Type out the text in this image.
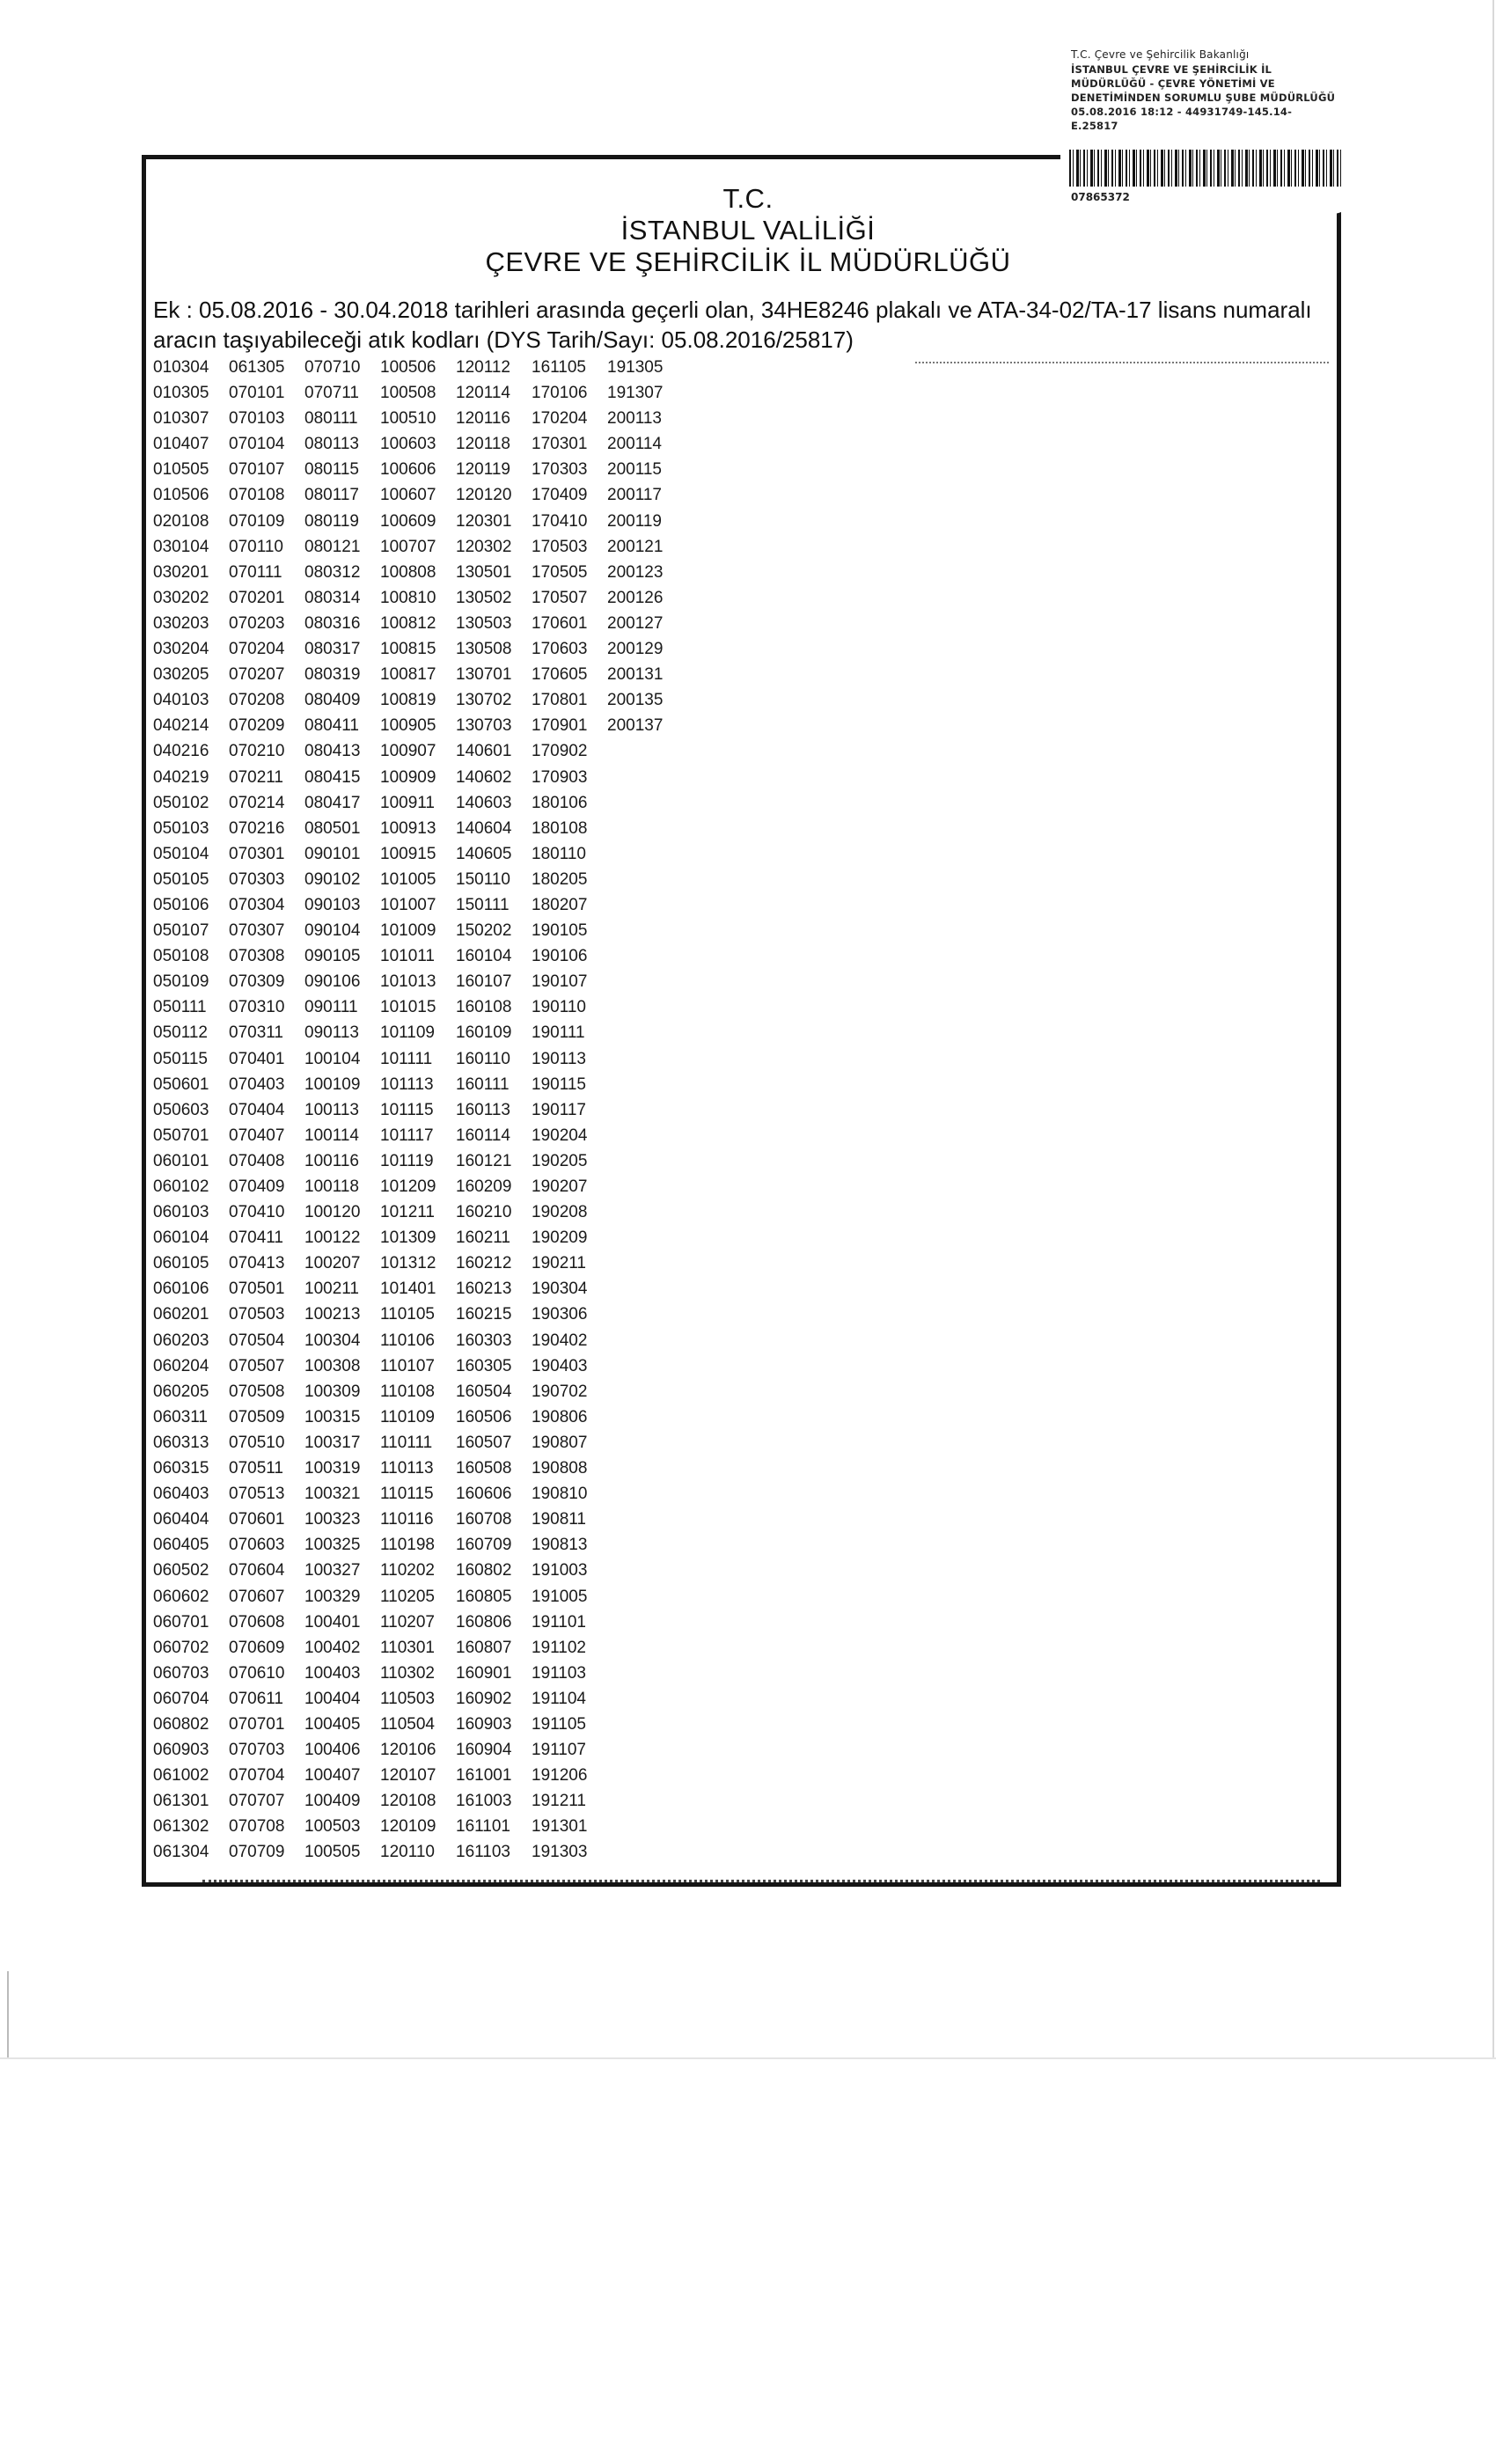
T.C. Çevre ve Şehircilik Bakanlığı
İSTANBUL ÇEVRE VE ŞEHİRCİLİK İL
MÜDÜRLÜĞÜ - ÇEVRE YÖNETİMİ VE
DENETİMİNDEN SORUMLU ŞUBE MÜDÜRLÜĞÜ
05.08.2016 18:12 - 44931749-145.14-
E.25817
07865372
T.C.
İSTANBUL VALİLİĞİ
ÇEVRE VE ŞEHİRCİLİK İL MÜDÜRLÜĞÜ
Ek : 05.08.2016 - 30.04.2018 tarihleri arasında geçerli olan, 34HE8246 plakalı ve ATA-34-02/TA-17 lisans numaralı aracın taşıyabileceği atık kodları (DYS Tarih/Sayı: 05.08.2016/25817)
010304 061305 070710 100506 120112 161105 191305
010305 070101 070711 100508 120114 170106 191307
010307 070103 080111 100510 120116 170204 200113
010407 070104 080113 100603 120118 170301 200114
010505 070107 080115 100606 120119 170303 200115
010506 070108 080117 100607 120120 170409 200117
020108 070109 080119 100609 120301 170410 200119
030104 070110 080121 100707 120302 170503 200121
030201 070111 080312 100808 130501 170505 200123
030202 070201 080314 100810 130502 170507 200126
030203 070203 080316 100812 130503 170601 200127
030204 070204 080317 100815 130508 170603 200129
030205 070207 080319 100817 130701 170605 200131
040103 070208 080409 100819 130702 170801 200135
040214 070209 080411 100905 130703 170901 200137
040216 070210 080413 100907 140601 170902
040219 070211 080415 100909 140602 170903
050102 070214 080417 100911 140603 180106
050103 070216 080501 100913 140604 180108
050104 070301 090101 100915 140605 180110
050105 070303 090102 101005 150110 180205
050106 070304 090103 101007 150111 180207
050107 070307 090104 101009 150202 190105
050108 070308 090105 101011 160104 190106
050109 070309 090106 101013 160107 190107
050111 070310 090111 101015 160108 190110
050112 070311 090113 101109 160109 190111
050115 070401 100104 101111 160110 190113
050601 070403 100109 101113 160111 190115
050603 070404 100113 101115 160113 190117
050701 070407 100114 101117 160114 190204
060101 070408 100116 101119 160121 190205
060102 070409 100118 101209 160209 190207
060103 070410 100120 101211 160210 190208
060104 070411 100122 101309 160211 190209
060105 070413 100207 101312 160212 190211
060106 070501 100211 101401 160213 190304
060201 070503 100213 110105 160215 190306
060203 070504 100304 110106 160303 190402
060204 070507 100308 110107 160305 190403
060205 070508 100309 110108 160504 190702
060311 070509 100315 110109 160506 190806
060313 070510 100317 110111 160507 190807
060315 070511 100319 110113 160508 190808
060403 070513 100321 110115 160606 190810
060404 070601 100323 110116 160708 190811
060405 070603 100325 110198 160709 190813
060502 070604 100327 110202 160802 191003
060602 070607 100329 110205 160805 191005
060701 070608 100401 110207 160806 191101
060702 070609 100402 110301 160807 191102
060703 070610 100403 110302 160901 191103
060704 070611 100404 110503 160902 191104
060802 070701 100405 110504 160903 191105
060903 070703 100406 120106 160904 191107
061002 070704 100407 120107 161001 191206
061301 070707 100409 120108 161003 191211
061302 070708 100503 120109 161101 191301
061304 070709 100505 120110 161103 191303
